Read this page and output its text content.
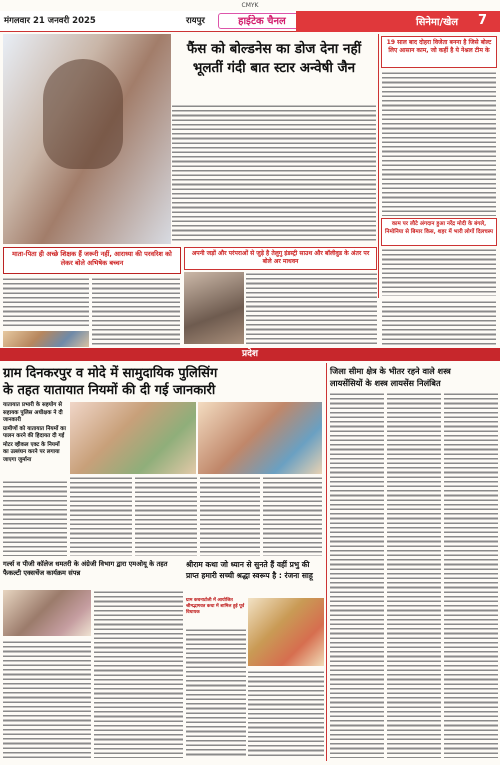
CMYK
मंगलवार 21 जनवरी 2025	रायपुर	हाईटेक चैनल	सिनेमा/खेल 7
फैंस को बोल्डनेस का डोज देना नहीं
भूलतीं गंदी बात स्टार अन्वेषी जैन
19 साल बाद दोहरा विजेता बनना है जिसे बोल्ट लिए आसान काम, जो कहीं है ये नेश्नल टीम के
काम पर लौटे अंगदान हुआ नरेंद्र मोदी के बंगले, निमोनिया से बिमार किस, शहर में भारी लोगों दिलचस्प
माता-पिता ही अच्छे शिक्षक हैं जरूरी नहीं, आराध्या की परवरिश को लेकर बोले अभिषेक बच्चन
अपनी जड़ों और परंपराओं से जुड़े है तेलुगु इंडस्ट्री साउथ और बॉलीवुड के अंतर पर बोले अर माधवन
प्रदेश
ग्राम दिनकरपुर व मोदे में सामुदायिक पुलिसिंग
के तहत यातायात नियमों की दी गई जानकारी
यातायात प्रभारी के सहयोग से सहायक पुलिस अधीक्षक ने दी जानकारी
ग्रामीणों को यातायात नियमों का पालन करने की हिदायत दी गई
मोटर व्हीकल एक्ट के नियमों का उल्लंघन करने पर लगाया जाएगा जुर्माना
जिला सीमा क्षेत्र के भीतर रहने वाले शस्त्र
लायसेंसियों के शस्त्र लायसेंस निलंबित
गर्ल्स व पीजी कॉलेज धमतरी के अंग्रेजी विभाग द्वारा एमओयू के तहत फैकल्टी एक्सचेंज कार्यक्रम संपन्न
श्रीराम कथा जो ध्यान से सुनते हैं वहीं प्रभु की प्राप्त हमारी सच्ची श्रद्धा स्वरूप है : रंजना साहू
ग्राम कचनाटोली में आयोजित श्रीमद्भागवत कथा में शामिल हुई पूर्व विधायक
